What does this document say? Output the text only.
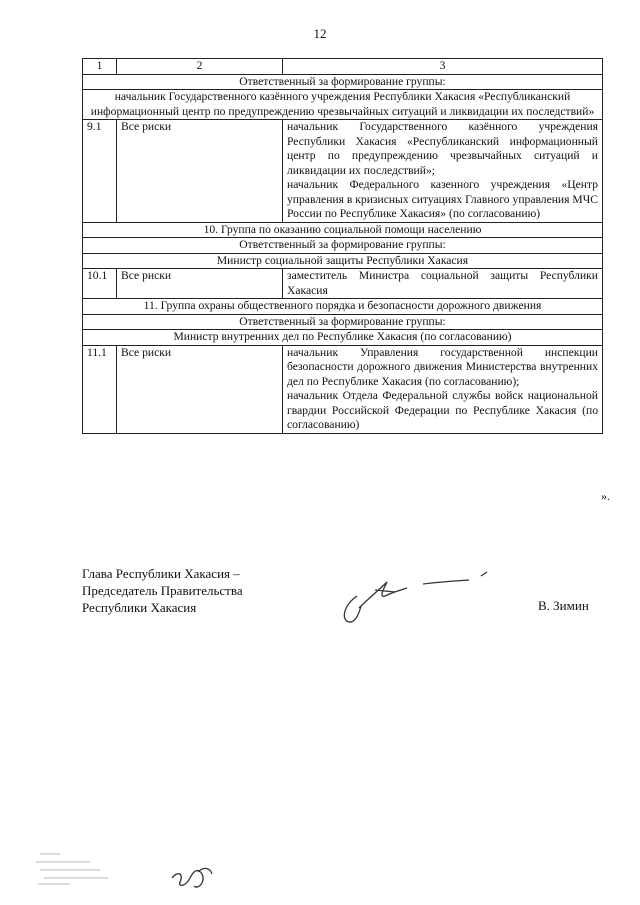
12
1	2	3
Ответственный за формирование группы:		
начальник Государственного казённого учреждения Республики Хакасия «Республиканский информационный центр по предупреждению чрезвычайных ситуаций и ликвидации их последствий»		
9.1	Все риски	начальник Государственного казённого учреждения Республики Хакасия «Республиканский информационный центр по предупреждению чрезвычайных ситуаций и ликвидации их последствий»;
начальник Федерального казенного учреждения «Центр управления в кризисных ситуациях Главного управления МЧС России по Республике Хакасия» (по согласованию)

10. Группа по оказанию социальной помощи населению		
Ответственный за формирование группы:		
Министр социальной защиты Республики Хакасия		
10.1	Все риски	заместитель Министра социальной защиты Республики Хакасия

11. Группа охраны общественного порядка и безопасности дорожного движения		
Ответственный за формирование группы:		
Министр внутренних дел по Республике Хакасия (по согласованию)		
11.1	Все риски	начальник Управления государственной инспекции безопасности дорожного движения Министерства внутренних дел по Республике Хакасия (по согласованию);
начальник Отдела Федеральной службы войск национальной гвардии Российской Федерации по Республике Хакасия (по согласованию)
».
Глава Республики Хакасия –
Председатель Правительства
Республики Хакасия	В. Зимин
